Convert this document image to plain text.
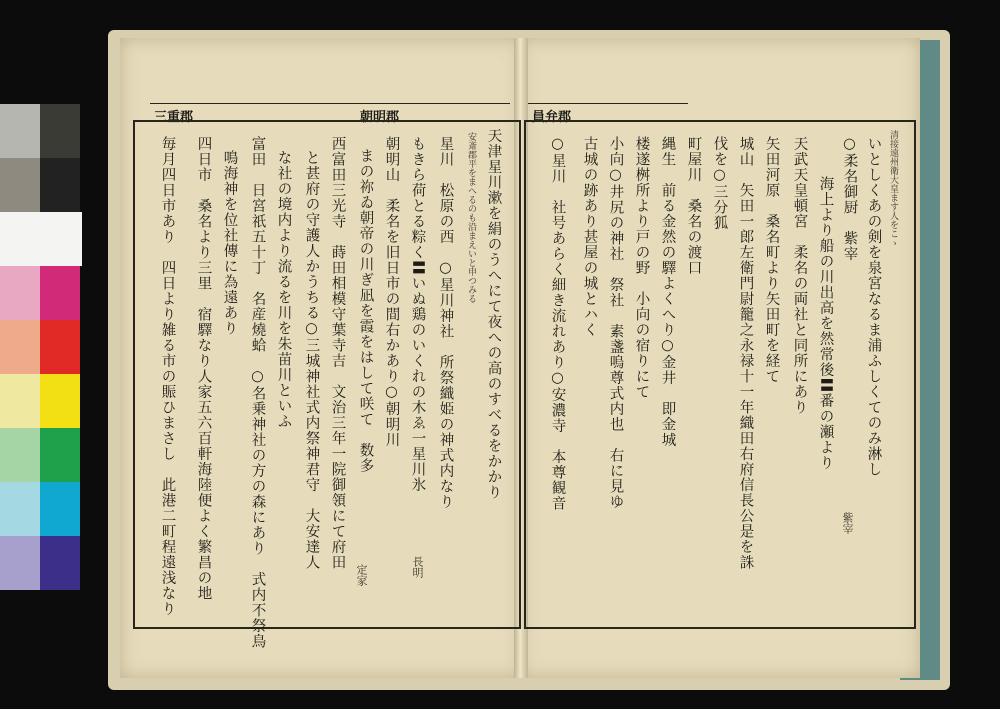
三重郡	朝明郡
天津星川漱を絹のうへにて夜への高のすべるをかかり
安斎郡平をまへるのも沿まえいと申つみる
星川　松原の西　○星川神社　所祭織姫の神式内なり
もきら荷とる粽く〓いぬ鶏のいくれの木ゑ一星川氷
朝明山　柔名を旧日市の間右かあり○朝明川
まの祢ゐ朝帝の川ぎ凪を霞をはして咲て　数多
西富田三光寺　蒔田相模守葉寺吉　文治三年一院御領にて府田
と甚府の守護人かうちる○三城神社式内祭神君守　大安達人
な社の境内より流るを川を朱苗川といふ
富田　日宮祇五十丁　名産燒蛤　○名乗神社の方の森にあり　式内不祭鳥
鳴海神を位社傳に為遠あり
四日市　桑名より三里　宿驛なり人家五六百軒海陸便よく繁昌の地
毎月四日市あり　四日より雑る市の賑ひまさし　此港二町程遠浅なり	長明
定家
員弁郡
清接遠州衛大皇ます人をこゝ
いとしくあの剣を泉宮なるま浦ふしくてのみ淋し
○柔名御厨　紫宰
海上より船の川出高を然常後〓番の瀬より
天武天皇頓宮　柔名の両社と同所にあり
矢田河原　桑名町より矢田町を経て
城山　矢田一郎左衛門尉籠之永禄十一年織田右府信長公是を誅
伐を○三分狐
町屋川　桑名の渡口
縄生　前る金然の驛よくへり○金井　即金城
楼遂桝所より戸の野　小向の宿りにて
小向○井尻の神社　祭社　素盞嗚尊式内也　右に見ゆ
古城の跡あり甚屋の城とハく
○星川　社号あらく細き流れあり○安濃寺　本尊観音
紫宰
